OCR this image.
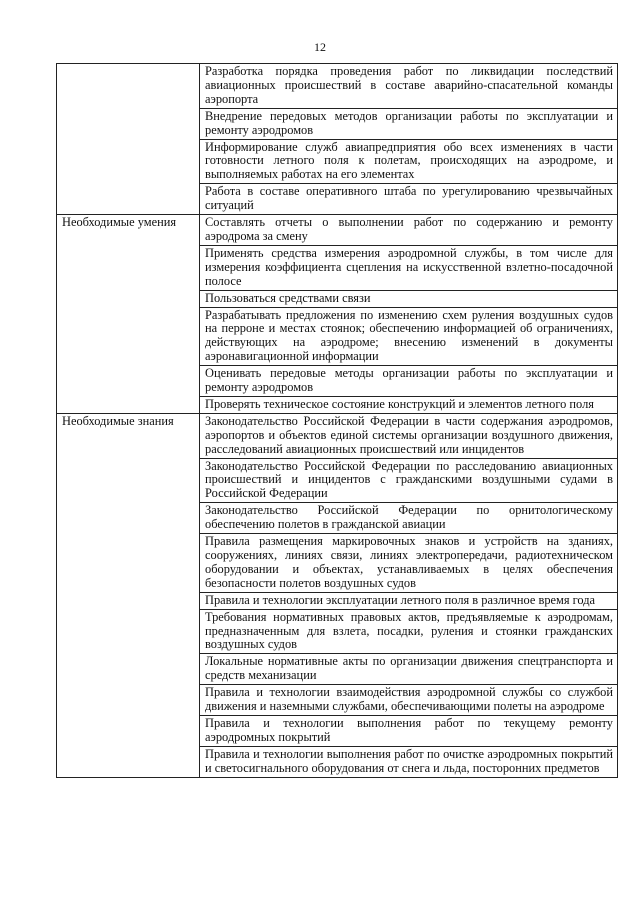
12
	Разработка порядка проведения работ по ликвидации последствий авиационных происшествий в составе аварийно-спасательной команды аэропорта
	Внедрение передовых методов организации работы по эксплуатации и ремонту аэродромов
	Информирование служб авиапредприятия обо всех изменениях в части готовности летного поля к полетам, происходящих на аэродроме, и выполняемых работах на его элементах
	Работа в составе оперативного штаба по урегулированию чрезвычайных ситуаций
Необходимые умения	Составлять отчеты о выполнении работ по содержанию и ремонту аэродрома за смену
	Применять средства измерения аэродромной службы, в том числе для измерения коэффициента сцепления на искусственной взлетно-посадочной полосе
	Пользоваться средствами связи
	Разрабатывать предложения по изменению схем руления воздушных судов на перроне и местах стоянок; обеспечению информацией об ограничениях, действующих на аэродроме; внесению изменений в документы аэронавигационной информации
	Оценивать передовые методы организации работы по эксплуатации и ремонту аэродромов
	Проверять техническое состояние конструкций и элементов летного поля
Необходимые знания	Законодательство Российской Федерации в части содержания аэродромов, аэропортов и объектов единой системы организации воздушного движения, расследований авиационных происшествий или инцидентов
	Законодательство Российской Федерации по расследованию авиационных происшествий и инцидентов с гражданскими воздушными судами в Российской Федерации
	Законодательство Российской Федерации по орнитологическому обеспечению полетов в гражданской авиации
	Правила размещения маркировочных знаков и устройств на зданиях, сооружениях, линиях связи, линиях электропередачи, радиотехническом оборудовании и объектах, устанавливаемых в целях обеспечения безопасности полетов воздушных судов
	Правила и технологии эксплуатации летного поля в различное время года
	Требования нормативных правовых актов, предъявляемые к аэродромам, предназначенным для взлета, посадки, руления и стоянки гражданских воздушных судов
	Локальные нормативные акты по организации движения спецтранспорта и средств механизации
	Правила и технологии взаимодействия аэродромной службы со службой движения и наземными службами, обеспечивающими полеты на аэродроме
	Правила и технологии выполнения работ по текущему ремонту аэродромных покрытий
	Правила и технологии выполнения работ по очистке аэродромных покрытий и светосигнального оборудования от снега и льда, посторонних предметов
